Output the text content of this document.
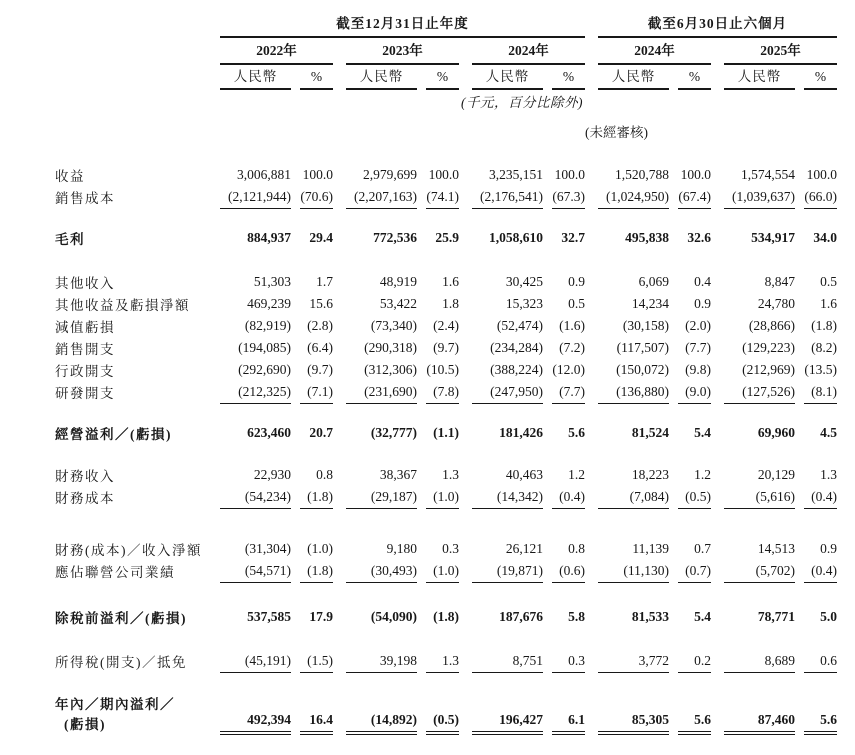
	截至12月31日止年度						截至6月30日止六個月			

	2022年		2023年		2024年		2024年		2025年	

	人民幣	%	人民幣	%	人民幣	%	人民幣	%	人民幣	%

					(千元，百分比除外)					
							(未經審核)			

收益	3,006,881	100.0	2,979,699	100.0	3,235,151	100.0	1,520,788	100.0	1,574,554	100.0

銷售成本	(2,121,944)	(70.6)	(2,207,163)	(74.1)	(2,176,541)	(67.3)	(1,024,950)	(67.4)	(1,039,637)	(66.0)

毛利	884,937	29.4	772,536	25.9	1,058,610	32.7	495,838	32.6	534,917	34.0

其他收入	51,303	1.7	48,919	1.6	30,425	0.9	6,069	0.4	8,847	0.5

其他收益及虧損淨額	469,239	15.6	53,422	1.8	15,323	0.5	14,234	0.9	24,780	1.6

減值虧損	(82,919)	(2.8)	(73,340)	(2.4)	(52,474)	(1.6)	(30,158)	(2.0)	(28,866)	(1.8)

銷售開支	(194,085)	(6.4)	(290,318)	(9.7)	(234,284)	(7.2)	(117,507)	(7.7)	(129,223)	(8.2)

行政開支	(292,690)	(9.7)	(312,306)	(10.5)	(388,224)	(12.0)	(150,072)	(9.8)	(212,969)	(13.5)

研發開支	(212,325)	(7.1)	(231,690)	(7.8)	(247,950)	(7.7)	(136,880)	(9.0)	(127,526)	(8.1)

經營溢利／(虧損)	623,460	20.7	(32,777)	(1.1)	181,426	5.6	81,524	5.4	69,960	4.5

財務收入	22,930	0.8	38,367	1.3	40,463	1.2	18,223	1.2	20,129	1.3

財務成本	(54,234)	(1.8)	(29,187)	(1.0)	(14,342)	(0.4)	(7,084)	(0.5)	(5,616)	(0.4)

財務(成本)／收入淨額	(31,304)	(1.0)	9,180	0.3	26,121	0.8	11,139	0.7	14,513	0.9

應佔聯營公司業績	(54,571)	(1.8)	(30,493)	(1.0)	(19,871)	(0.6)	(11,130)	(0.7)	(5,702)	(0.4)

除稅前溢利／(虧損)	537,585	17.9	(54,090)	(1.8)	187,676	5.8	81,533	5.4	78,771	5.0

所得稅(開支)／抵免	(45,191)	(1.5)	39,198	1.3	8,751	0.3	3,772	0.2	8,689	0.6

年內／期內溢利／
(虧損)	492,394	16.4	(14,892)	(0.5)	196,427	6.1	85,305	5.6	87,460	5.6
